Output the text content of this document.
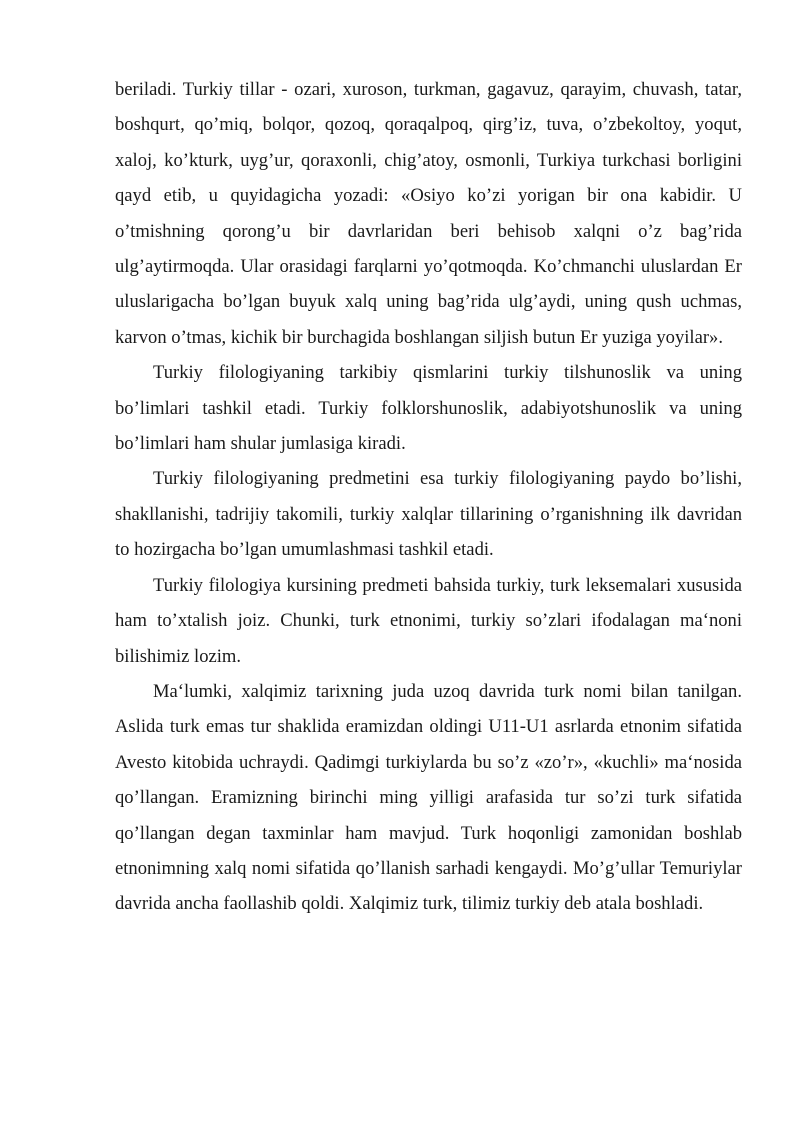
beriladi. Turkiy tillar - ozari, xuroson, turkman, gagavuz, qarayim, chuvash, tatar, boshqurt, qo’miq, bolqor, qozoq, qoraqalpoq, qirg’iz, tuva, o’zbekoltoy, yoqut, xaloj, ko’kturk, uyg’ur, qoraxonli, chig’atoy, osmonli, Turkiya turkchasi borligini qayd etib, u quyidagicha yozadi: «Osiyo ko’zi yorigan bir ona kabidir. U o’tmishning qorong’u bir davrlaridan beri behisob xalqni o’z bag’rida ulg’aytirmoqda. Ular orasidagi farqlarni yo’qotmoqda. Ko’chmanchi uluslardan Er uluslarigacha bo’lgan buyuk xalq uning bag’rida ulg’aydi, uning qush uchmas, karvon o’tmas, kichik bir burchagida boshlangan siljish butun Er yuziga yoyilar».

Turkiy filologiyaning tarkibiy qismlarini turkiy tilshunoslik va uning bo’limlari tashkil etadi. Turkiy folklorshunoslik, adabiyotshunoslik va uning bo’limlari ham shular jumlasiga kiradi.

Turkiy filologiyaning predmetini esa turkiy filologiyaning paydo bo’lishi, shakllanishi, tadrijiy takomili, turkiy xalqlar tillarining o’rganishning ilk davridan to hozirgacha bo’lgan umumlashmasi tashkil etadi.

Turkiy filologiya kursining predmeti bahsida turkiy, turk leksemalari xususida ham to’xtalish joiz. Chunki, turk etnonimi, turkiy so’zlari ifodalagan ma‘noni bilishimiz lozim.

Ma‘lumki, xalqimiz tarixning juda uzoq davrida turk nomi bilan tanilgan. Aslida turk emas tur shaklida eramizdan oldingi U11-U1 asrlarda etnonim sifatida Avesto kitobida uchraydi. Qadimgi turkiylarda bu so’z «zo’r», «kuchli» ma‘nosida qo’llangan. Eramizning birinchi ming yilligi arafasida tur so’zi turk sifatida qo’llangan degan taxminlar ham mavjud. Turk hoqonligi zamonidan boshlab etnonimning xalq nomi sifatida qo’llanish sarhadi kengaydi. Mo’g’ullar Temuriylar davrida ancha faollashib qoldi. Xalqimiz turk, tilimiz turkiy deb atala boshladi.
